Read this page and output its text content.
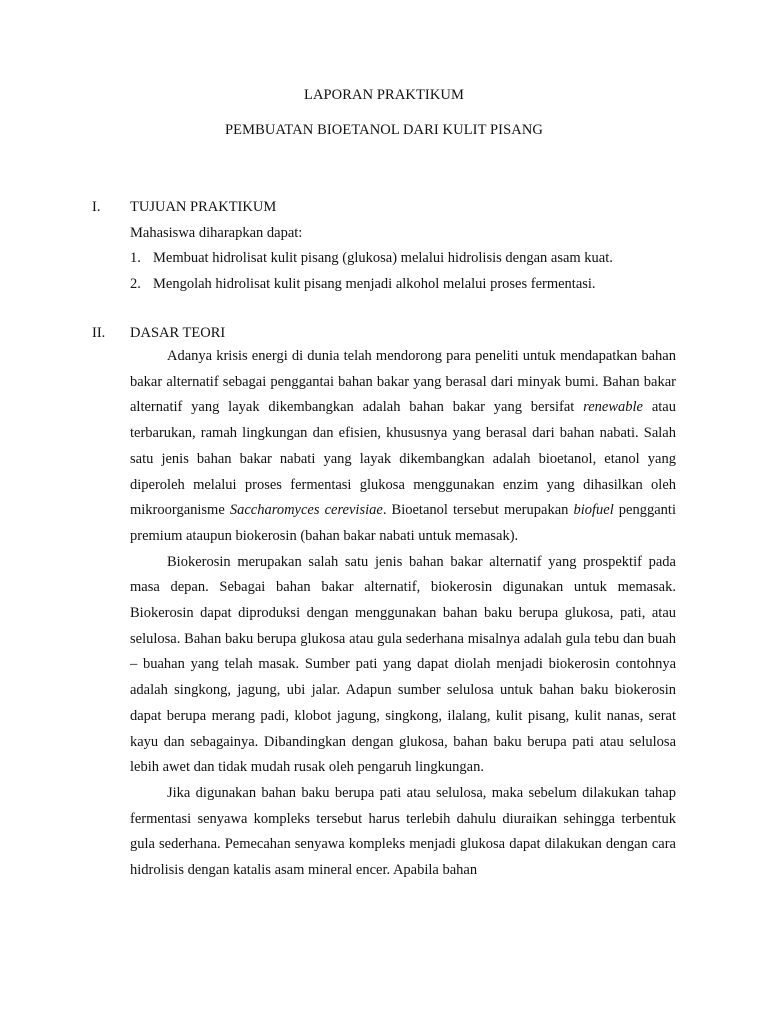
LAPORAN PRAKTIKUM
PEMBUATAN BIOETANOL DARI KULIT PISANG
I. TUJUAN PRAKTIKUM
Mahasiswa diharapkan dapat:
1. Membuat hidrolisat kulit pisang (glukosa) melalui hidrolisis dengan asam kuat.
2. Mengolah hidrolisat kulit pisang menjadi alkohol melalui proses fermentasi.
II. DASAR TEORI

Adanya krisis energi di dunia telah mendorong para peneliti untuk mendapatkan bahan bakar alternatif sebagai penggantai bahan bakar yang berasal dari minyak bumi. Bahan bakar alternatif yang layak dikembangkan adalah bahan bakar yang bersifat renewable atau terbarukan, ramah lingkungan dan efisien, khususnya yang berasal dari bahan nabati. Salah satu jenis bahan bakar nabati yang layak dikembangkan adalah bioetanol, etanol yang diperoleh melalui proses fermentasi glukosa menggunakan enzim yang dihasilkan oleh mikroorganisme Saccharomyces cerevisiae. Bioetanol tersebut merupakan biofuel pengganti premium ataupun biokerosin (bahan bakar nabati untuk memasak).

Biokerosin merupakan salah satu jenis bahan bakar alternatif yang prospektif pada masa depan. Sebagai bahan bakar alternatif, biokerosin digunakan untuk memasak. Biokerosin dapat diproduksi dengan menggunakan bahan baku berupa glukosa, pati, atau selulosa. Bahan baku berupa glukosa atau gula sederhana misalnya adalah gula tebu dan buah – buahan yang telah masak. Sumber pati yang dapat diolah menjadi biokerosin contohnya adalah singkong, jagung, ubi jalar. Adapun sumber selulosa untuk bahan baku biokerosin dapat berupa merang padi, klobot jagung, singkong, ilalang, kulit pisang, kulit nanas, serat kayu dan sebagainya. Dibandingkan dengan glukosa, bahan baku berupa pati atau selulosa lebih awet dan tidak mudah rusak oleh pengaruh lingkungan.

Jika digunakan bahan baku berupa pati atau selulosa, maka sebelum dilakukan tahap fermentasi senyawa kompleks tersebut harus terlebih dahulu diuraikan sehingga terbentuk gula sederhana. Pemecahan senyawa kompleks menjadi glukosa dapat dilakukan dengan cara hidrolisis dengan katalis asam mineral encer. Apabila bahan
